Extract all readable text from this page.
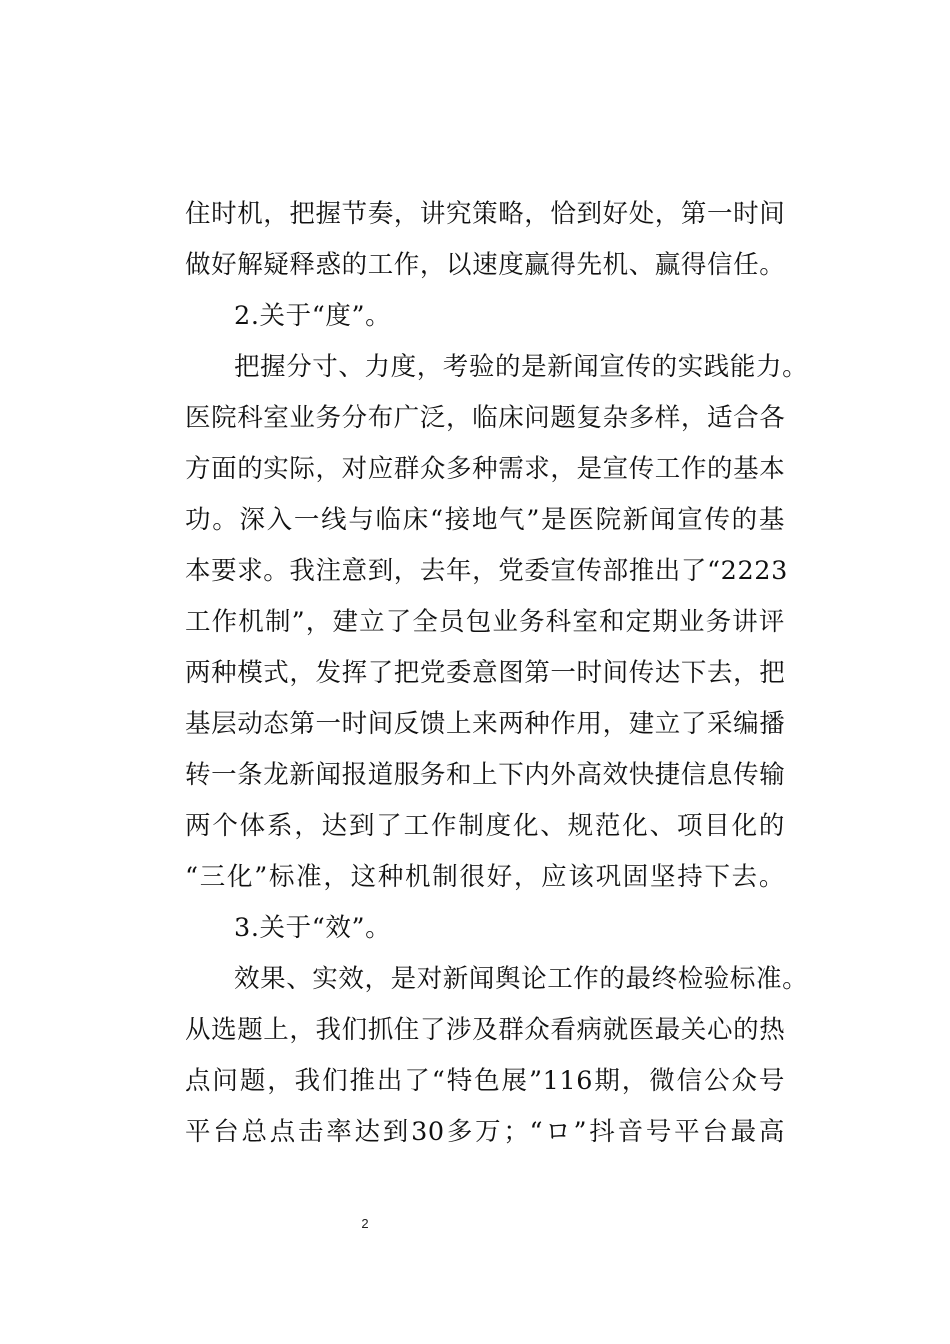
住时机，把握节奏，讲究策略，恰到好处，第一时间
做好解疑释惑的工作，以速度赢得先机、赢得信任。
2.关于“度”。
把握分寸、力度，考验的是新闻宣传的实践能力。
医院科室业务分布广泛，临床问题复杂多样，适合各
方面的实际，对应群众多种需求，是宣传工作的基本
功。深入一线与临床“接地气”是医院新闻宣传的基
本要求。我注意到，去年，党委宣传部推出了“2223
工作机制”，建立了全员包业务科室和定期业务讲评
两种模式，发挥了把党委意图第一时间传达下去，把
基层动态第一时间反馈上来两种作用，建立了采编播
转一条龙新闻报道服务和上下内外高效快捷信息传输
两个体系，达到了工作制度化、规范化、项目化的
“三化”标准，这种机制很好，应该巩固坚持下去。
3.关于“效”。
效果、实效，是对新闻舆论工作的最终检验标准。
从选题上，我们抓住了涉及群众看病就医最关心的热
点问题，我们推出了“特色展”116期，微信公众号
平台总点击率达到30多万；“ロ”抖音号平台最高
2
